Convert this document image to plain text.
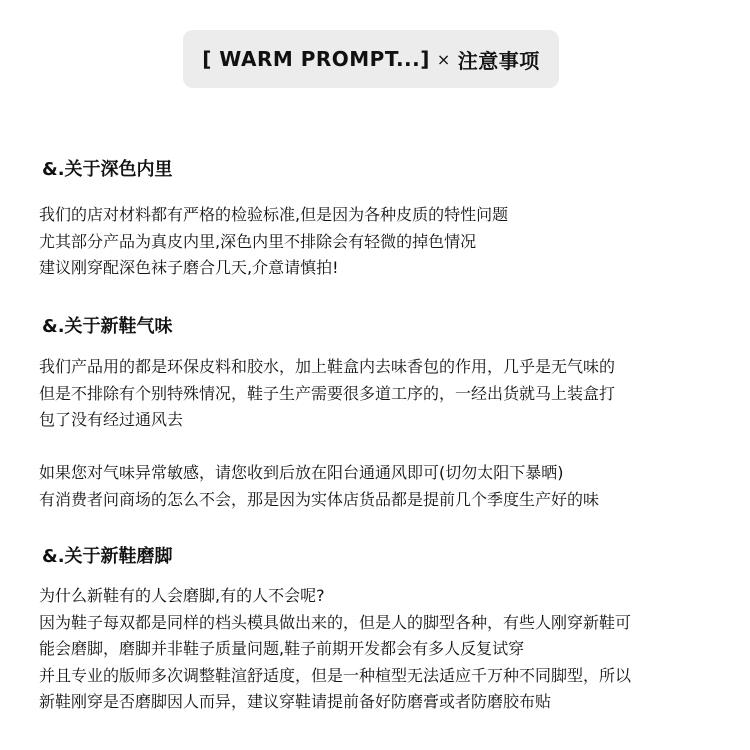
[ WARM PROMPT...] × 注意事项
&.关于深色内里
我们的店对材料都有严格的检验标准,但是因为各种皮质的特性问题
尤其部分产品为真皮内里,深色内里不排除会有轻微的掉色情况
建议刚穿配深色袜子磨合几天,介意请慎拍!
&.关于新鞋气味
我们产品用的都是环保皮料和胶水，加上鞋盒内去味香包的作用，几乎是无气味的
但是不排除有个别特殊情况，鞋子生产需要很多道工序的，一经出货就马上装盒打
包了没有经过通风去

如果您对气味异常敏感，请您收到后放在阳台通通风即可(切勿太阳下暴晒)
有消费者问商场的怎么不会，那是因为实体店货品都是提前几个季度生产好的味
&.关于新鞋磨脚
为什么新鞋有的人会磨脚,有的人不会呢?
因为鞋子每双都是同样的档头模具做出来的，但是人的脚型各种，有些人刚穿新鞋可
能会磨脚，磨脚并非鞋子质量问题,鞋子前期开发都会有多人反复试穿
并且专业的版师多次调整鞋渲舒适度，但是一种楦型无法适应千万种不同脚型，所以
新鞋刚穿是否磨脚因人而异，建议穿鞋请提前备好防磨膏或者防磨胶布贴
